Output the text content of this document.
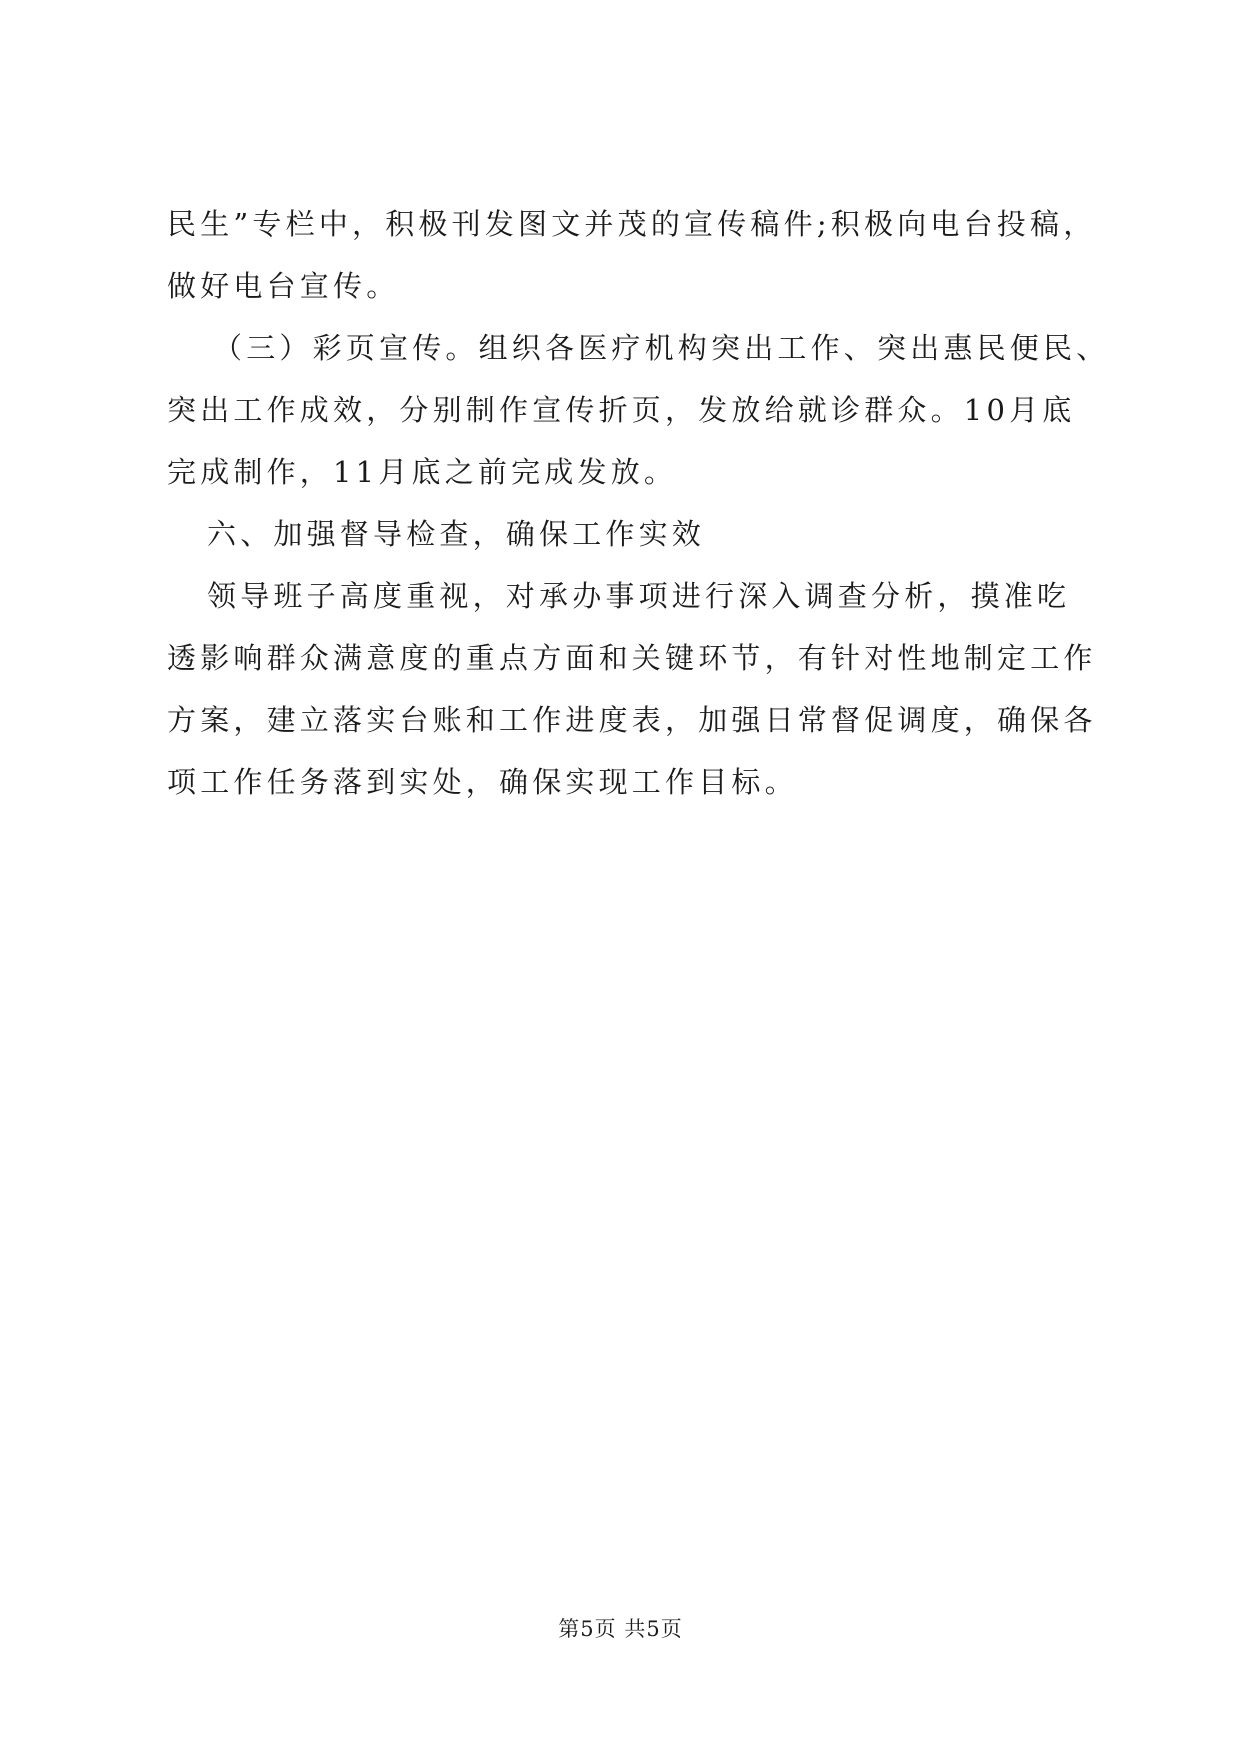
民生”专栏中，积极刊发图文并茂的宣传稿件;积极向电台投稿，
做好电台宣传。
（三）彩页宣传。组织各医疗机构突出工作、突出惠民便民、
突出工作成效，分别制作宣传折页，发放给就诊群众。10月底
完成制作，11月底之前完成发放。
六、加强督导检查，确保工作实效
领导班子高度重视，对承办事项进行深入调查分析，摸准吃
透影响群众满意度的重点方面和关键环节，有针对性地制定工作
方案，建立落实台账和工作进度表，加强日常督促调度，确保各
项工作任务落到实处，确保实现工作目标。
第5页 共5页
